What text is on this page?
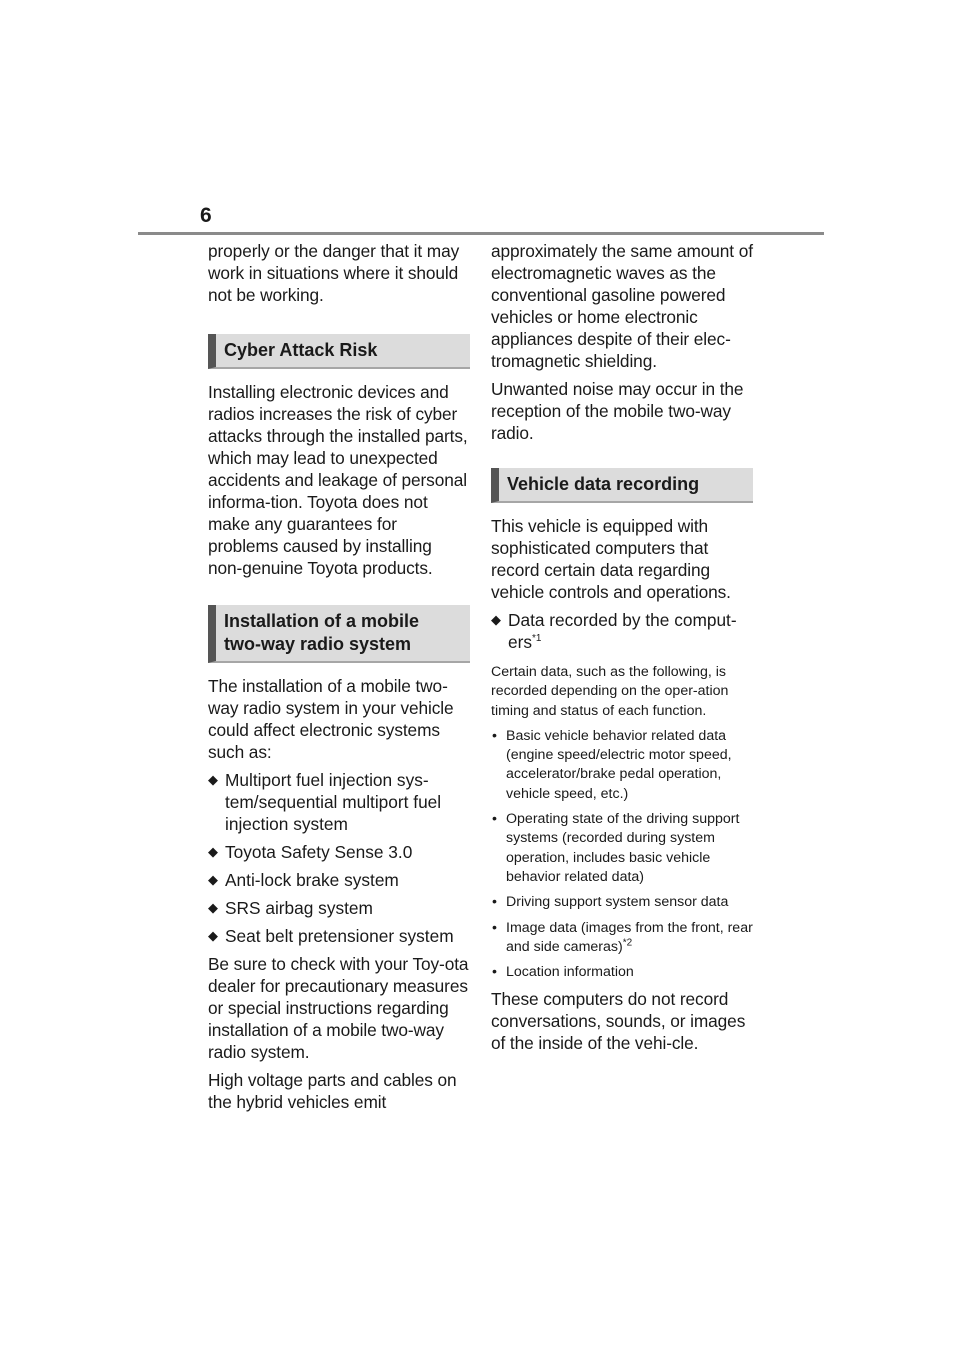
6

properly or the danger that it may work in situations where it should not be working.

Cyber Attack Risk

Installing electronic devices and radios increases the risk of cyber attacks through the installed parts, which may lead to unexpected accidents and leakage of personal informa-tion. Toyota does not make any guarantees for problems caused by installing non-genuine Toyota products.

Installation of a mobile
two-way radio system

The installation of a mobile two-way radio system in your vehicle could affect electronic systems such as:

◆ Multiport fuel injection sys-tem/sequential multiport fuel injection system
◆ Toyota Safety Sense 3.0
◆ Anti-lock brake system
◆ SRS airbag system
◆ Seat belt pretensioner system

Be sure to check with your Toy-ota dealer for precautionary measures or special instructions regarding installation of a mobile two-way radio system.

High voltage parts and cables on the hybrid vehicles emit

approximately the same amount of electromagnetic waves as the conventional gasoline powered vehicles or home electronic appliances despite of their elec-tromagnetic shielding.

Unwanted noise may occur in the reception of the mobile two-way radio.

Vehicle data recording

This vehicle is equipped with sophisticated computers that record certain data regarding vehicle controls and operations.

◆ Data recorded by the comput-ers$^{*1}$

Certain data, such as the following, is recorded depending on the oper-ation timing and status of each function.

• Basic vehicle behavior related data (engine speed/electric motor speed, accelerator/brake pedal operation, vehicle speed, etc.)
• Operating state of the driving support systems (recorded during system operation, includes basic vehicle behavior related data)
• Driving support system sensor data
• Image data (images from the front, rear and side cameras)$^{*2}$
• Location information

These computers do not record conversations, sounds, or images of the inside of the vehi-cle.
